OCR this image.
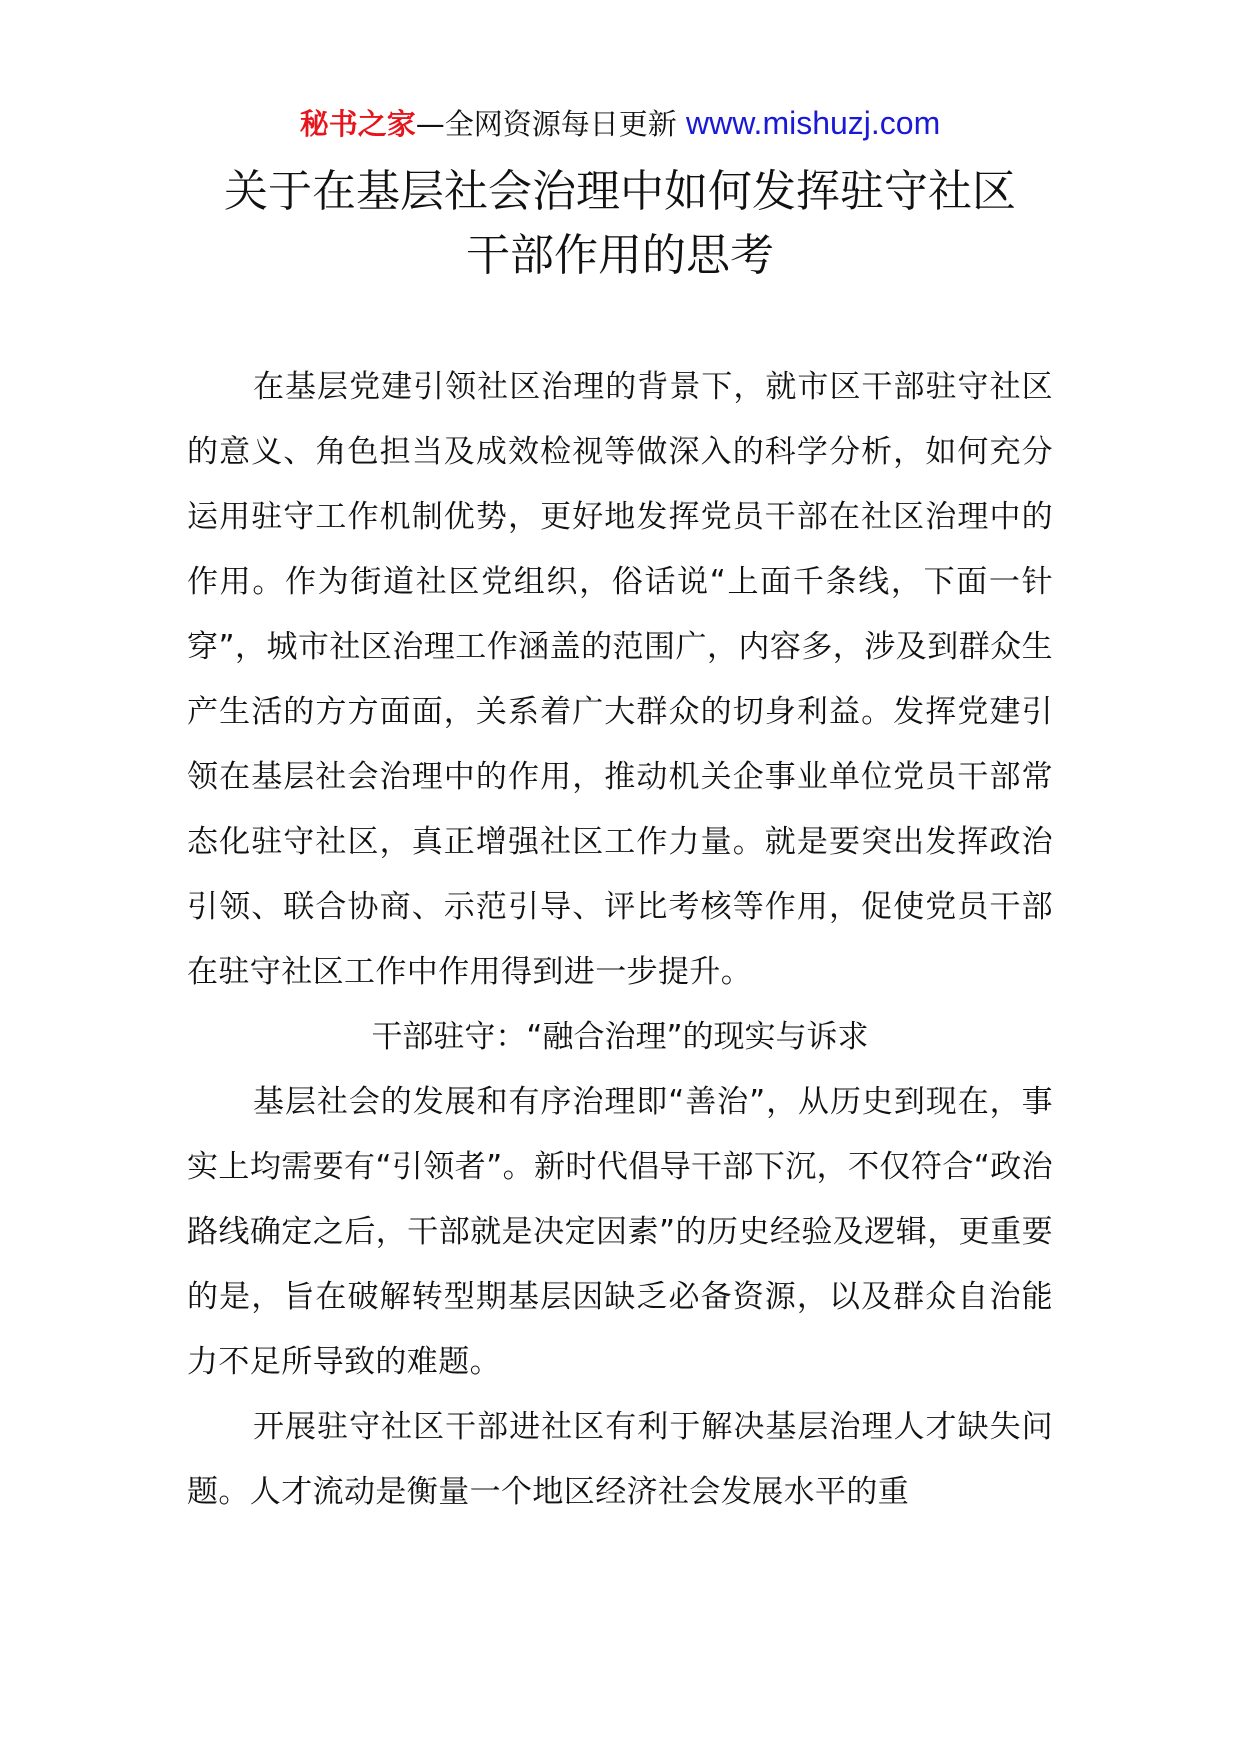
秘书之家—全网资源每日更新 www.mishuzj.com
关于在基层社会治理中如何发挥驻守社区
干部作用的思考

在基层党建引领社区治理的背景下，就市区干部驻守社区的意义、角色担当及成效检视等做深入的科学分析，如何充分运用驻守工作机制优势，更好地发挥党员干部在社区治理中的作用。作为街道社区党组织，俗话说“上面千条线，下面一针穿”，城市社区治理工作涵盖的范围广，内容多，涉及到群众生产生活的方方面面，关系着广大群众的切身利益。发挥党建引领在基层社会治理中的作用，推动机关企事业单位党员干部常态化驻守社区，真正增强社区工作力量。就是要突出发挥政治引领、联合协商、示范引导、评比考核等作用，促使党员干部在驻守社区工作中作用得到进一步提升。

干部驻守：“融合治理”的现实与诉求

基层社会的发展和有序治理即“善治”，从历史到现在，事实上均需要有“引领者”。新时代倡导干部下沉，不仅符合“政治路线确定之后，干部就是决定因素”的历史经验及逻辑，更重要的是，旨在破解转型期基层因缺乏必备资源，以及群众自治能力不足所导致的难题。

开展驻守社区干部进社区有利于解决基层治理人才缺失问题。人才流动是衡量一个地区经济社会发展水平的重
